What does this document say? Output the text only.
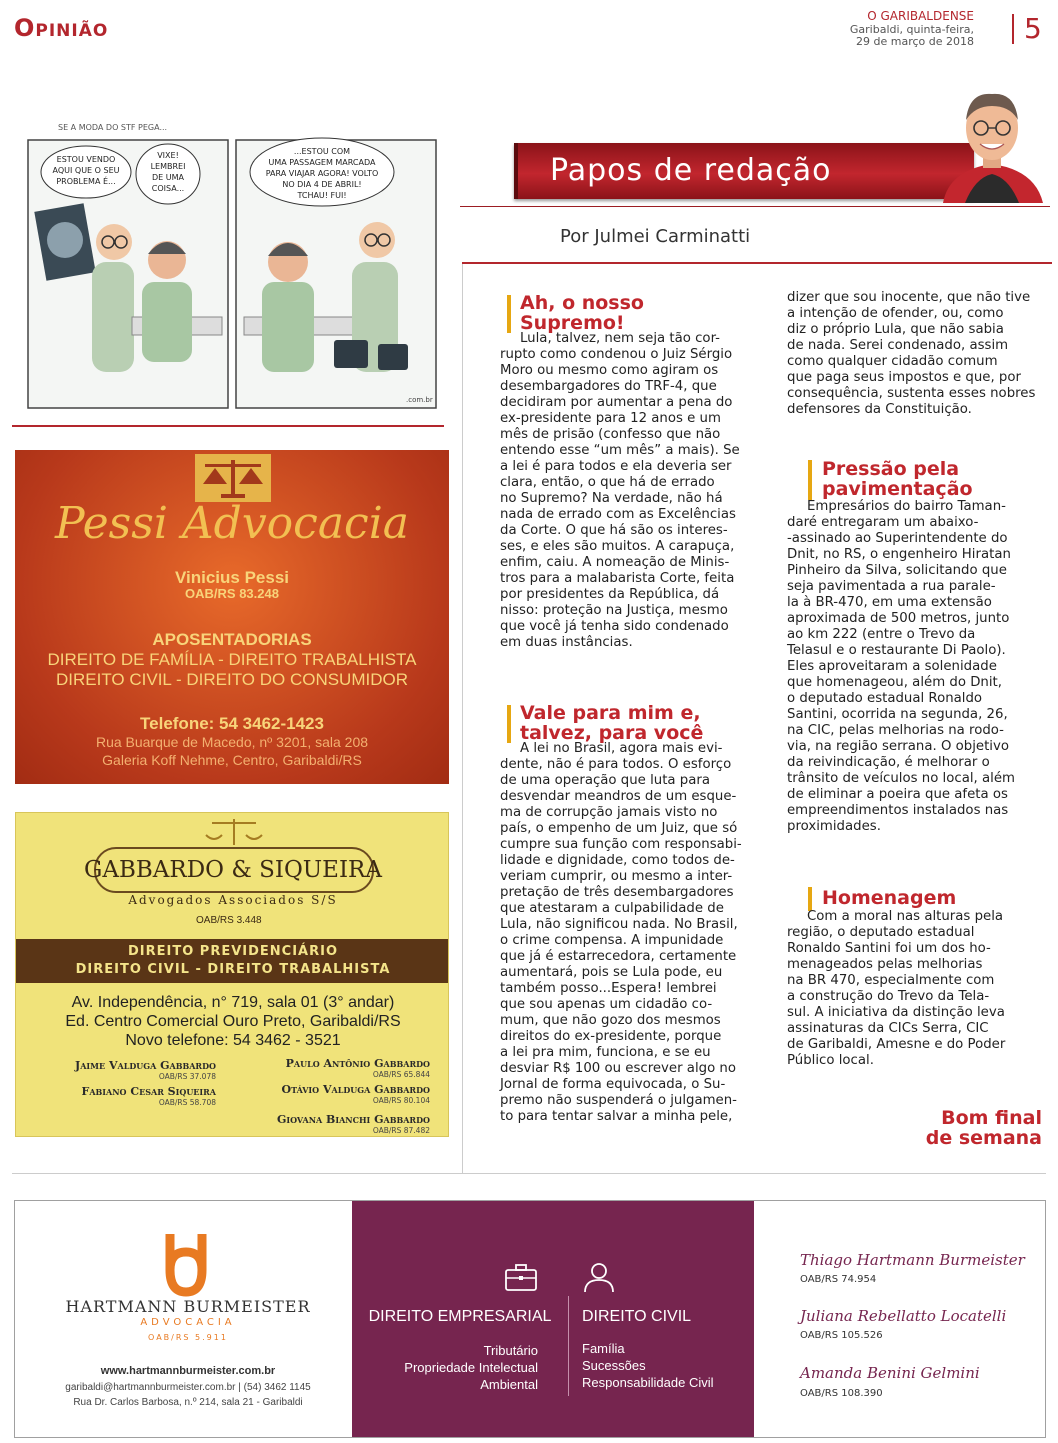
Opinião	O GARIBALDENSE
Garibaldi, quinta-feira,
29 de março de 2018 5
SE A MODA DO STF PEGA...
ESTOU VENDO
AQUI QUE O SEU
PROBLEMA É...
VIXE!
LEMBREI
DE UMA
COISA...
...ESTOU COM
UMA PASSAGEM MARCADA
PARA VIAJAR AGORA! VOLTO
NO DIA 4 DE ABRIL!
TCHAU! FUI!
.com.br
Papos de redação
Por Julmei Carminatti
Ah, o nosso
Supremo!
Lula, talvez, nem seja tão cor-
rupto como condenou o Juiz Sérgio
Moro ou mesmo como agiram os
desembargadores do TRF-4, que
decidiram por aumentar a pena do
ex-presidente para 12 anos e um
mês de prisão (confesso que não
entendo esse “um mês” a mais). Se
a lei é para todos e ela deveria ser
clara, então, o que há de errado
no Supremo? Na verdade, não há
nada de errado com as Excelências
da Corte. O que há são os interes-
ses, e eles são muitos. A carapuça,
enfim, caiu. A nomeação de Minis-
tros para a malabarista Corte, feita
por presidentes da República, dá
nisso: proteção na Justiça, mesmo
que você já tenha sido condenado
em duas instâncias.
Vale para mim e,
talvez, para você
A lei no Brasil, agora mais evi-
dente, não é para todos. O esforço
de uma operação que luta para
desvendar meandros de um esque-
ma de corrupção jamais visto no
país, o empenho de um Juiz, que só
cumpre sua função com responsabi-
lidade e dignidade, como todos de-
veriam cumprir, ou mesmo a inter-
pretação de três desembargadores
que atestaram a culpabilidade de
Lula, não significou nada. No Brasil,
o crime compensa. A impunidade
que já é estarrecedora, certamente
aumentará, pois se Lula pode, eu
também posso...Espera! lembrei
que sou apenas um cidadão co-
mum, que não gozo dos mesmos
direitos do ex-presidente, porque
a lei pra mim, funciona, e se eu
desviar R$ 100 ou escrever algo no
Jornal de forma equivocada, o Su-
premo não suspenderá o julgamen-
to para tentar salvar a minha pele,
dizer que sou inocente, que não tive
a intenção de ofender, ou, como
diz o próprio Lula, que não sabia
de nada. Serei condenado, assim
como qualquer cidadão comum
que paga seus impostos e que, por
consequência, sustenta esses nobres
defensores da Constituição.
Pressão pela
pavimentação
Empresários do bairro Taman-
daré entregaram um abaixo-
-assinado ao Superintendente do
Dnit, no RS, o engenheiro Hiratan
Pinheiro da Silva, solicitando que
seja pavimentada a rua parale-
la à BR-470, em uma extensão
aproximada de 500 metros, junto
ao km 222 (entre o Trevo da
Telasul e o restaurante Di Paolo).
Eles aproveitaram a solenidade
que homenageou, além do Dnit,
o deputado estadual Ronaldo
Santini, ocorrida na segunda, 26,
na CIC, pelas melhorias na rodo-
via, na região serrana. O objetivo
da reivindicação, é melhorar o
trânsito de veículos no local, além
de eliminar a poeira que afeta os
empreendimentos instalados nas
proximidades.
Homenagem
Com a moral nas alturas pela
região, o deputado estadual
Ronaldo Santini foi um dos ho-
menageados pelas melhorias
na BR 470, especialmente com
a construção do Trevo da Tela-
sul. A iniciativa da distinção leva
assinaturas da CICs Serra, CIC
de Garibaldi, Amesne e do Poder
Público local.
Bom final
de semana
Pessi Advocacia
Vinicius Pessi
OAB/RS 83.248
APOSENTADORIAS
DIREITO DE FAMÍLIA - DIREITO TRABALHISTA
DIREITO CIVIL - DIREITO DO CONSUMIDOR
Telefone: 54 3462-1423
Rua Buarque de Macedo, nº 3201, sala 208
Galeria Koff Nehme, Centro, Garibaldi/RS
GABBARDO & SIQUEIRA
Advogados Associados S/S
OAB/RS 3.448
DIREITO PREVIDENCIÁRIO
DIREITO CIVIL - DIREITO TRABALHISTA
Av. Independência, n° 719, sala 01 (3° andar)
Ed. Centro Comercial Ouro Preto, Garibaldi/RS
Novo telefone: 54 3462 - 3521
Jaime Valduga Gabbardo
OAB/RS 37.078
Fabiano Cesar Siqueira
OAB/RS 58.708
Paulo Antônio Gabbardo
OAB/RS 65.844
Otávio Valduga Gabbardo
OAB/RS 80.104
Giovana Bianchi Gabbardo
OAB/RS 87.482
HARTMANN BURMEISTER
ADVOCACIA
OAB/RS 5.911
www.hartmannburmeister.com.br
garibaldi@hartmannburmeister.com.br | (54) 3462 1145
Rua Dr. Carlos Barbosa, n.º 214, sala 21 - Garibaldi
DIREITO EMPRESARIAL
Tributário
Propriedade Intelectual
Ambiental
DIREITO CIVIL
Família
Sucessões
Responsabilidade Civil
Thiago Hartmann Burmeister
OAB/RS 74.954
Juliana Rebellatto Locatelli
OAB/RS 105.526
Amanda Benini Gelmini
OAB/RS 108.390
